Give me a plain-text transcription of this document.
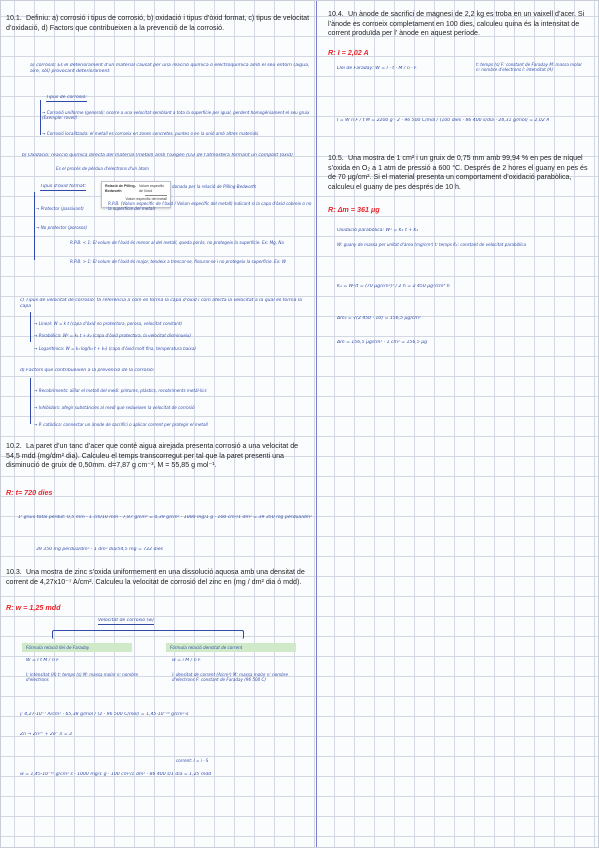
10.1. Definiu: a) corrosió i tipus de corrosió, b) oxidació i tipus d’òxid format, c) tipus de velocitat d’oxidació, d) Factors que contribueixen a la prevenció de la corrosió.
a) corrosió: És el deteriorament d'un material causat per una reacció química o electroquímica amb el seu entorn (aigua, aire, sòl) provocant deteriorament.
Tipus de corrosió:
→ Corrosió uniforme (general): ocorre a una velocitat semblant a tota la superfície per igual, perdent homogèniament el seu gruix (Exemple: rovell)
→ Corrosió localitzada: el metall es corroeix en zones concretes, puntes o en la unió amb altres materials
b) Oxidació: reacció química directa del material (metall) amb l'oxigen (O₂) de l'atmosfera formant un compost (òxid)
Es el procés de pèrdua d'electrons d'un àtom
Tipus d'òxid format:	Relació de Pilling-Bedworth
Volum específic de l'òxid
Volum específic del metall
donada per la relació de Pilling-Bedworth
→ Protector (passivant)
R.P.B. (Volum específic de l'òxid / Volum específic del metall) indicant si la capa d'òxid cobreix o no la superfície del metall
→ No protector (porosos)
R.P.B. < 1: El volum de l'òxid és menor al del metall, queda porós, no protegeix la superfície. Ex: Mg, Na
R.P.B. > 1: El volum de l'òxid és major, tendeix a trencar-se, fissurar-se i no protegeix la superfície. Ex: W
c) Tipus de velocitat de corrosió: fa referència a com es forma la capa d'òxid i com afecta la velocitat a la qual es forma la capa
→ Lineal: W = k t (capa d'òxid no protectora, porosa, velocitat constant)
→ Parabòlica: W² = k₁ t + k₂ (capa d'òxid protectora, la velocitat disminueix)
→ Logarítmica: W = k₁ log(k₂ t + k₃) (capa d'òxid molt fina, temperatura baixa)
d) Factors que contribueixen a la prevenció de la corrosió:
→ Recobriments: aïllar el metall del medi: pintures, plàstics, recobriments metàl·lics
→ Inhibidors: afegir substàncies al medi que redueixen la velocitat de corrosió
→ P. catòdica: connectar un ànode de sacrifici o aplicar corrent per protegir el metall
10.2. La paret d’un tanc d’acer que conté aigua airejada presenta corrosió a una velocitat de 54,5 mdd (mg/dm² dia). Calculeu el temps transcorregut per tal que la paret presenti una disminució de gruix de 0,50mm. d=7,87 g cm⁻³, M = 55,85 g mol⁻¹.
R: t= 720 dies
1ʳ gruix total perdut: 0,5 mm · 1 cm/10 mm · 7,87 g/cm³ = 0,39 g/cm² · 1000 mg/1 g · 100 cm²/1 dm² = 39 350 mg pèrdua/dm²
39 350 mg pèrdua/dm² · 1 dm² dia/54,5 mg = 722 dies
10.3. Una mostra de zinc s’oxida uniformement en una dissolució aquosa amb una densitat de corrent de 4,27x10⁻⁷ A/cm². Calculeu la velocitat de corrosió del zinc en (mg / dm² dia ó mdd).
R: w = 1,25 mdd
Velocitat de corrosió (w)
Fórmula relació llei de Faraday	Fórmula relació densitat de corrent
W = I t M / n F
I: intensitat (A) t: temps (s) M: massa molar n: nombre d'electrons
w = i M / n F
i: densitat de corrent (A/cm²) M: massa molar n: nombre d'electrons F: constant de Faraday (96 500 C)
j: 4,27·10⁻⁷ A/cm² · 65,38 g/mol / (2 · 96 500 C/mol) = 1,45·10⁻¹⁰ g/cm²·s
Zn → Zn²⁺ + 2e⁻ n = 2
corrent: I = i · S
w = 1,45·10⁻¹⁰ g/cm² s · 1000 mg/1 g · 100 cm²/1 dm² · 86 400 s/1 dia = 1,25 mdd
10.4. Un ànode de sacrifici de magnesi de 2,2 kg es troba en un vaixell d’acer. Si l’ànode es corroeix completament en 100 dies, calculeu quina és la intensitat de corrent produïda per l’ ànode en aquest període.
R: I = 2,02 A
Llei de Faraday: W = I · t · M / n · F
t: temps (s) F: constant de Faraday M: massa molar n: nombre d'electrons I: intensitat (A)
I = W n F / t M = 2200 g · 2 · 96 500 C/mol / (100 dies · 86 400 s/dia · 24,31 g/mol) = 2,02 A
10.5. Una mostra de 1 cm² i un gruix de 0,75 mm amb 99,94 % en pes de níquel s’oxida en O₂ a 1 atm de pressió a 600 °C. Després de 2 hores el guany en pes és de 70 μg/cm². Si el material presenta un comportament d’oxidació parabòlica, calculeu el guany de pes després de 10 h.
R: Δm = 361 μg
Oxidació parabòlica: W² = K₁ t + K₂
W: guany de massa per unitat d'àrea (mg/cm²) t: temps K₁: constant de velocitat parabòlica
K₁ = W²/t = (70 μg/cm²)² / 2 h = 2 450 μg²/cm⁴ h
Δm₂ = √(2 450 · 10) = 156,5 μg/cm²
Δm = 156,5 μg/cm² · 1 cm² = 156,5 μg
